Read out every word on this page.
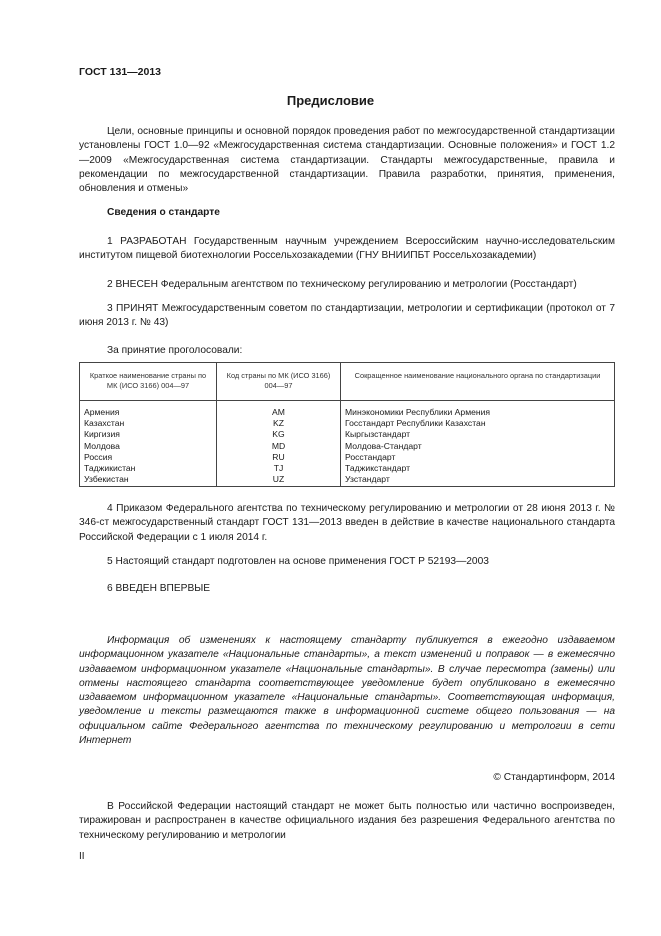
ГОСТ 131—2013
Предисловие

Цели, основные принципы и основной порядок проведения работ по межгосударственной стандартизации установлены ГОСТ 1.0—92 «Межгосударственная система стандартизации. Основные положения» и ГОСТ 1.2—2009 «Межгосударственная система стандартизации. Стандарты межгосударственные, правила и рекомендации по межгосударственной стандартизации. Правила разработки, принятия, применения, обновления и отмены»

Сведения о стандарте

1 РАЗРАБОТАН Государственным научным учреждением Всероссийским научно-исследовательским институтом пищевой биотехнологии Россельхозакадемии (ГНУ ВНИИПБТ Россельхозакадемии)

2 ВНЕСЕН Федеральным агентством по техническому регулированию и метрологии (Росстандарт)

3 ПРИНЯТ Межгосударственным советом по стандартизации, метрологии и сертификации (протокол от 7 июня 2013 г. № 43)

За принятие проголосовали:

Краткое наименование страны по МК (ИСО 3166) 004—97	Код страны по МК (ИСО 3166) 004—97	Сокращенное наименование национального органа по стандартизации
Армения	AM	Минэкономики Республики Армения
Казахстан	KZ	Госстандарт Республики Казахстан
Киргизия	KG	Кыргызстандарт
Молдова	MD	Молдова-Стандарт
Россия	RU	Росстандарт
Таджикистан	TJ	Таджикстандарт
Узбекистан	UZ	Узстандарт

4 Приказом Федерального агентства по техническому регулированию и метрологии от 28 июня 2013 г. № 346-ст межгосударственный стандарт ГОСТ 131—2013 введен в действие в качестве национального стандарта Российской Федерации с 1 июля 2014 г.

5 Настоящий стандарт подготовлен на основе применения ГОСТ Р 52193—2003

6 ВВЕДЕН ВПЕРВЫЕ

Информация об изменениях к настоящему стандарту публикуется в ежегодно издаваемом информационном указателе «Национальные стандарты», а текст изменений и поправок — в ежемесячно издаваемом информационном указателе «Национальные стандарты». В случае пересмотра (замены) или отмены настоящего стандарта соответствующее уведомление будет опубликовано в ежемесячно издаваемом информационном указателе «Национальные стандарты». Соответствующая информация, уведомление и тексты размещаются также в информационной системе общего пользования — на официальном сайте Федерального агентства по техническому регулированию и метрологии в сети Интернет

© Стандартинформ, 2014

В Российской Федерации настоящий стандарт не может быть полностью или частично воспроизведен, тиражирован и распространен в качестве официального издания без разрешения Федерального агентства по техническому регулированию и метрологии

II
